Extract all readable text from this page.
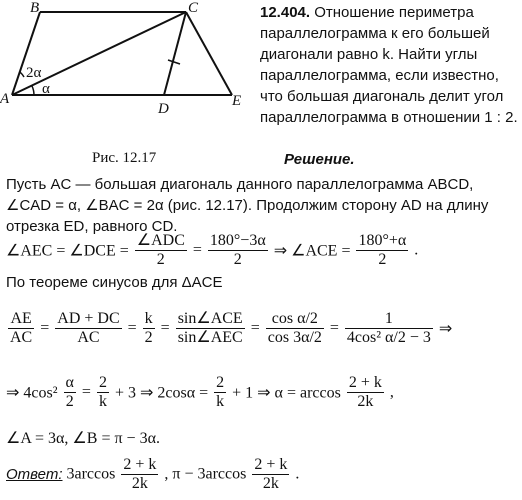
B	C
A
D	E
2α
α
Рис. 12.17
12.404. Отношение периметра параллелограмма к его большей диагонали равно k. Найти углы параллелограмма, если известно, что большая диагональ делит угол параллелограмма в отношении 1 : 2.
Решение.
Пусть AC — большая диагональ данного параллелограмма ABCD, ∠CAD = α, ∠BAC = 2α (рис. 12.17). Продолжим сторону AD на длину отрезка ED, равного CD.
∠AEC = ∠DCE = $\frac{\text{∠ADC}}{2} = \frac{180^\circ-3\alpha}{2}$ ⇒ ∠ACE = $\frac{180^\circ+\alpha}{2}$ .
По теореме синусов для ΔACE
$\frac{AE}{AC} = \frac{AD + DC}{AC} = \frac{k}{2} = \frac{\text{sin∠ACE}}{\text{sin∠AEC}} = \frac{\text{cos α/2}}{\cos 3\alpha/2} = \frac{1}{\text{4cos² α/2 − 3}}$ ⇒
⇒ $4\cos^2 \frac{\alpha}{2} = \frac{2}{k} + 3$ ⇒ $2\cos\alpha = \frac{2}{k} + 1$ ⇒ $\alpha = \arccos \frac{2 + k}{2k}$ ,
∠A = 3α, ∠B = π − 3α.
Ответ: $3\arccos \frac{2 + k}{2k}$ , $\pi - 3\arccos \frac{2 + k}{2k}$ .
